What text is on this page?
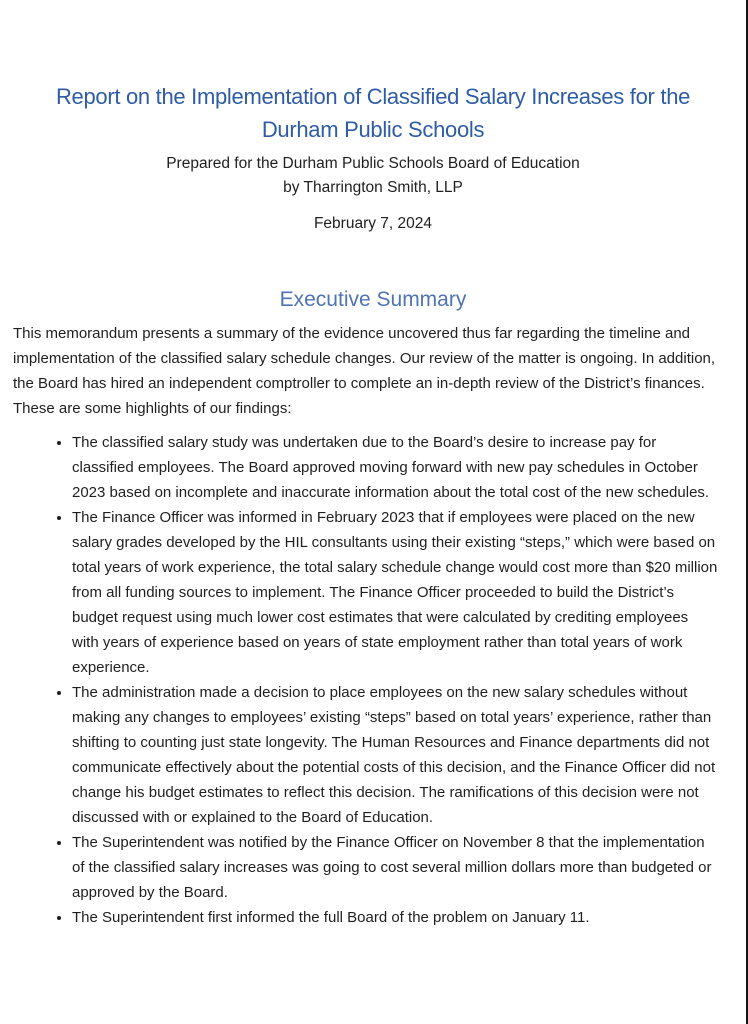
Report on the Implementation of Classified Salary Increases for the
Durham Public Schools
Prepared for the Durham Public Schools Board of Education
by Tharrington Smith, LLP
February 7, 2024
Executive Summary

This memorandum presents a summary of the evidence uncovered thus far regarding the timeline and implementation of the classified salary schedule changes. Our review of the matter is ongoing. In addition, the Board has hired an independent comptroller to complete an in-depth review of the District’s finances. These are some highlights of our findings:

• The classified salary study was undertaken due to the Board’s desire to increase pay for classified employees. The Board approved moving forward with new pay schedules in October 2023 based on incomplete and inaccurate information about the total cost of the new schedules.
• The Finance Officer was informed in February 2023 that if employees were placed on the new salary grades developed by the HIL consultants using their existing “steps,” which were based on total years of work experience, the total salary schedule change would cost more than $20 million from all funding sources to implement. The Finance Officer proceeded to build the District’s budget request using much lower cost estimates that were calculated by crediting employees with years of experience based on years of state employment rather than total years of work experience.
• The administration made a decision to place employees on the new salary schedules without making any changes to employees’ existing “steps” based on total years’ experience, rather than shifting to counting just state longevity. The Human Resources and Finance departments did not communicate effectively about the potential costs of this decision, and the Finance Officer did not change his budget estimates to reflect this decision. The ramifications of this decision were not discussed with or explained to the Board of Education.
• The Superintendent was notified by the Finance Officer on November 8 that the implementation of the classified salary increases was going to cost several million dollars more than budgeted or approved by the Board.
• The Superintendent first informed the full Board of the problem on January 11.
